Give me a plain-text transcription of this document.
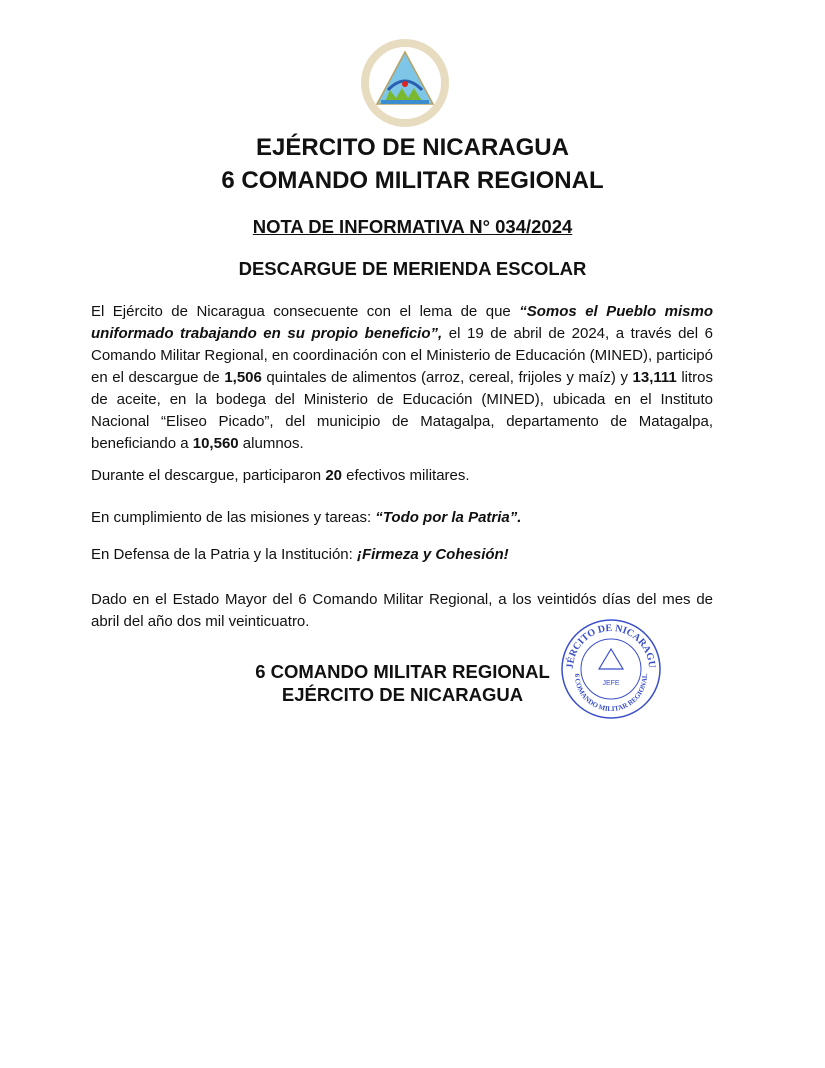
EJÉRCITO DE NICARAGUA
6 COMANDO MILITAR REGIONAL
NOTA DE INFORMATIVA N° 034/2024
DESCARGUE DE MERIENDA ESCOLAR
El Ejército de Nicaragua consecuente con el lema de que “Somos el Pueblo mismo uniformado trabajando en su propio beneficio”, el 19 de abril de 2024, a través del 6 Comando Militar Regional, en coordinación con el Ministerio de Educación (MINED), participó en el descargue de 1,506 quintales de alimentos (arroz, cereal, frijoles y maíz) y 13,111 litros de aceite, en la bodega del Ministerio de Educación (MINED), ubicada en el Instituto Nacional “Eliseo Picado”, del municipio de Matagalpa, departamento de Matagalpa, beneficiando a 10,560 alumnos.
Durante el descargue, participaron 20 efectivos militares.
En cumplimiento de las misiones y tareas: “Todo por la Patria”.
En Defensa de la Patria y la Institución: ¡Firmeza y Cohesión!
Dado en el Estado Mayor del 6 Comando Militar Regional, a los veintidós días del mes de abril del año dos mil veinticuatro.
6 COMANDO MILITAR REGIONAL
EJÉRCITO DE NICARAGUA
JÉRCITO DE NICARAGU
6 COMANDO MILITAR REGIONAL
JEFE
